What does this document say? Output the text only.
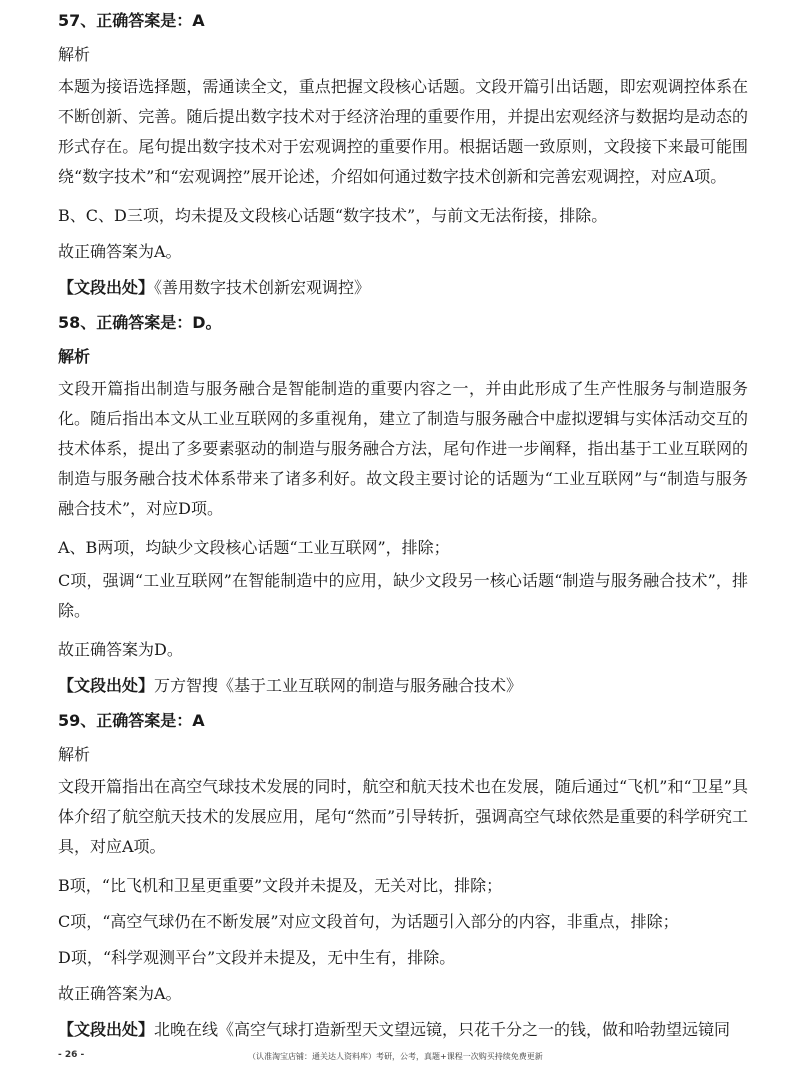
57、正确答案是：A

解析

本题为接语选择题，需通读全文，重点把握文段核心话题。文段开篇引出话题，即宏观调控体系在不断创新、完善。随后提出数字技术对于经济治理的重要作用，并提出宏观经济与数据均是动态的形式存在。尾句提出数字技术对于宏观调控的重要作用。根据话题一致原则，文段接下来最可能围绕“数字技术”和“宏观调控”展开论述，介绍如何通过数字技术创新和完善宏观调控，对应A项。

B、C、D三项，均未提及文段核心话题“数字技术”，与前文无法衔接，排除。

故正确答案为A。

【文段出处】《善用数字技术创新宏观调控》

58、正确答案是：D。

解析

文段开篇指出制造与服务融合是智能制造的重要内容之一，并由此形成了生产性服务与制造服务化。随后指出本文从工业互联网的多重视角，建立了制造与服务融合中虚拟逻辑与实体活动交互的技术体系，提出了多要素驱动的制造与服务融合方法，尾句作进一步阐释，指出基于工业互联网的制造与服务融合技术体系带来了诸多利好。故文段主要讨论的话题为“工业互联网”与“制造与服务融合技术”，对应D项。

A、B两项，均缺少文段核心话题“工业互联网”，排除；

C项，强调“工业互联网”在智能制造中的应用，缺少文段另一核心话题“制造与服务融合技术”，排除。

故正确答案为D。

【文段出处】万方智搜《基于工业互联网的制造与服务融合技术》

59、正确答案是：A

解析

文段开篇指出在高空气球技术发展的同时，航空和航天技术也在发展，随后通过“飞机”和“卫星”具体介绍了航空航天技术的发展应用，尾句“然而”引导转折，强调高空气球依然是重要的科学研究工具，对应A项。

B项，“比飞机和卫星更重要”文段并未提及，无关对比，排除；

C项，“高空气球仍在不断发展”对应文段首句，为话题引入部分的内容，非重点，排除；

D项，“科学观测平台”文段并未提及，无中生有，排除。

故正确答案为A。

【文段出处】北晚在线《高空气球打造新型天文望远镜，只花千分之一的钱，做和哈勃望远镜同

- 26 -	（认准淘宝店铺：通关达人资料库）考研，公考，真题+课程一次购买持续免费更新
